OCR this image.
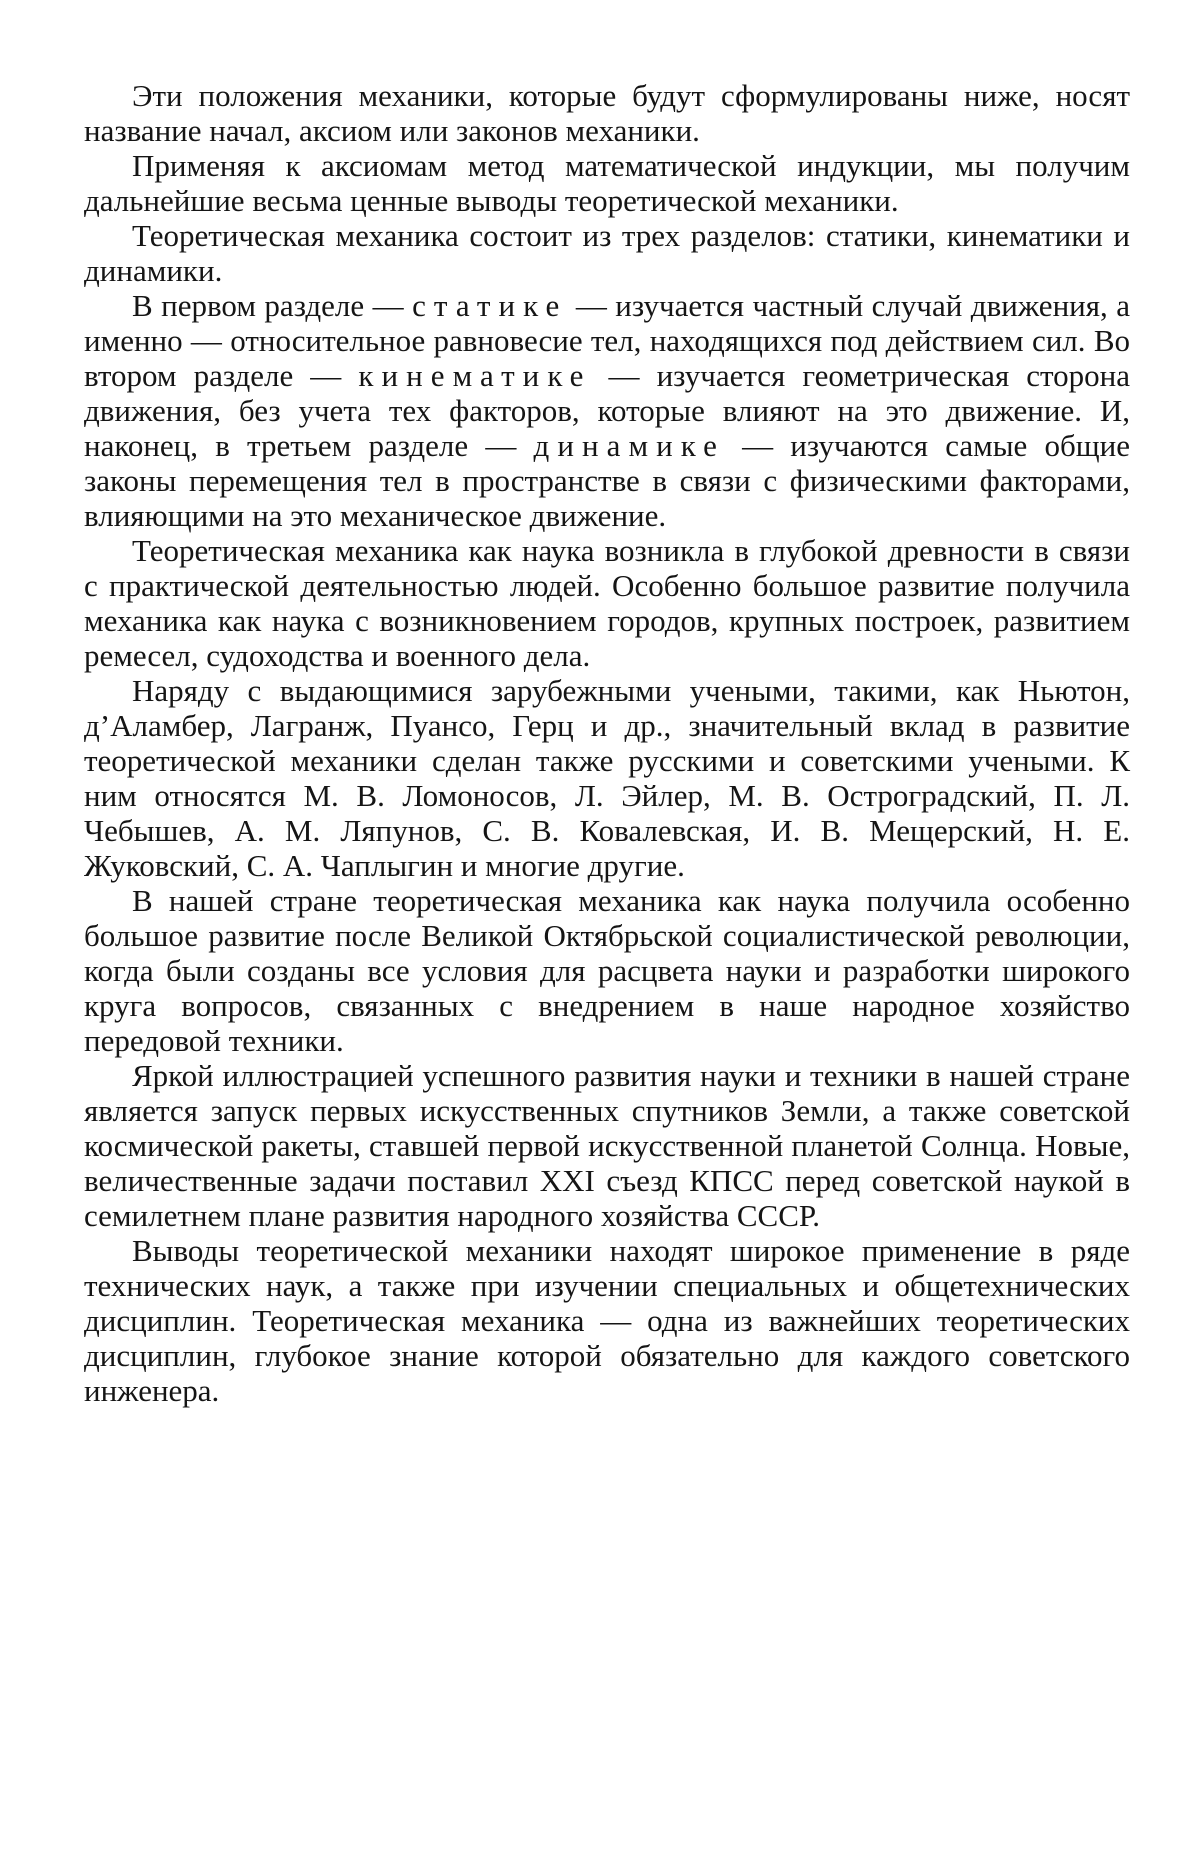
Эти положения механики, которые будут сформулированы ниже, носят название начал, аксиом или законов механики.

Применяя к аксиомам метод математической индукции, мы получим дальнейшие весьма ценные выводы теоретической механики.

Теоретическая механика состоит из трех разделов: статики, кинематики и динамики.

В первом разделе — статике — изучается частный случай движения, а именно — относительное равновесие тел, находящихся под действием сил. Во втором разделе — кинематике — изучается геометрическая сторона движения, без учета тех факторов, которые влияют на это движение. И, наконец, в третьем разделе — динамике — изучаются самые общие законы перемещения тел в пространстве в связи с физическими факторами, влияющими на это механическое движение.

Теоретическая механика как наука возникла в глубокой древности в связи с практической деятельностью людей. Особенно большое развитие получила механика как наука с возникновением городов, крупных построек, развитием ремесел, судоходства и военного дела.

Наряду с выдающимися зарубежными учеными, такими, как Ньютон, д’Аламбер, Лагранж, Пуансо, Герц и др., значительный вклад в развитие теоретической механики сделан также русскими и советскими учеными. К ним относятся М. В. Ломоносов, Л. Эйлер, М. В. Остроградский, П. Л. Чебышев, А. М. Ляпунов, С. В. Ковалевская, И. В. Мещерский, Н. Е. Жуковский, С. А. Чаплыгин и многие другие.

В нашей стране теоретическая механика как наука получила особенно большое развитие после Великой Октябрьской социалистической революции, когда были созданы все условия для расцвета науки и разработки широкого круга вопросов, связанных с внедрением в наше народное хозяйство передовой техники.

Яркой иллюстрацией успешного развития науки и техники в нашей стране является запуск первых искусственных спутников Земли, а также советской космической ракеты, ставшей первой искусственной планетой Солнца. Новые, величественные задачи поставил XXI съезд КПСС перед советской наукой в семилетнем плане развития народного хозяйства СССР.

Выводы теоретической механики находят широкое применение в ряде технических наук, а также при изучении специальных и общетехнических дисциплин. Теоретическая механика — одна из важнейших теоретических дисциплин, глубокое знание которой обязательно для каждого советского инженера.
